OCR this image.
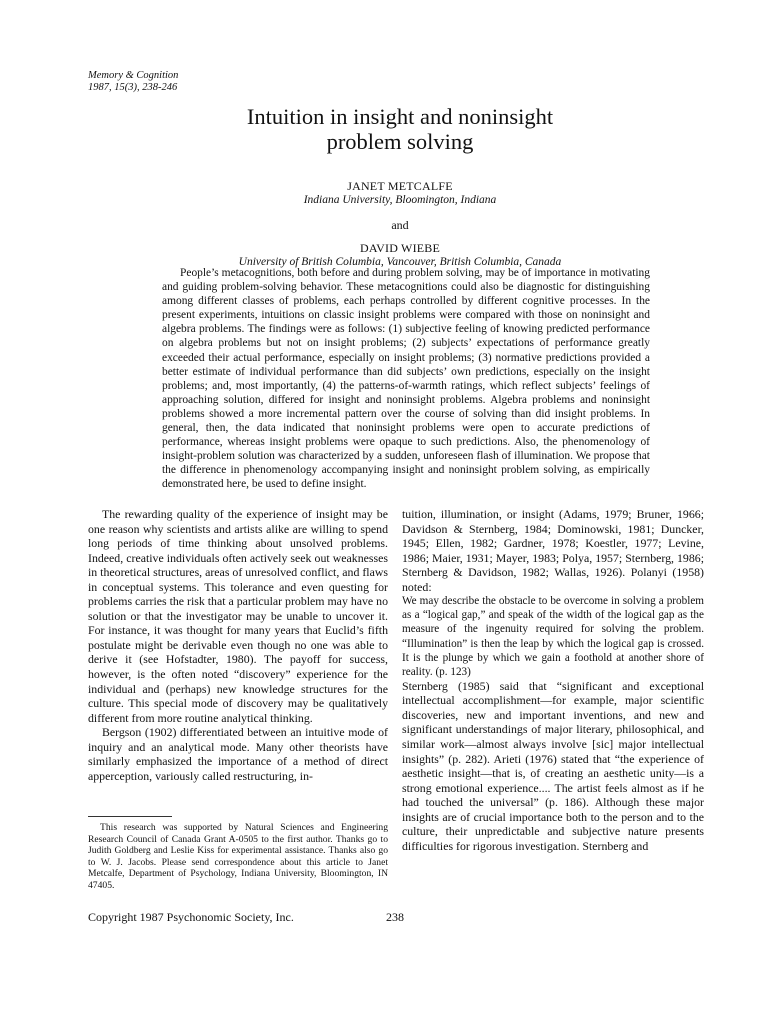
Memory & Cognition
1987, 15(3), 238-246
Intuition in insight and noninsight
problem solving
JANET METCALFE
Indiana University, Bloomington, Indiana
and
DAVID WIEBE
University of British Columbia, Vancouver, British Columbia, Canada

People’s metacognitions, both before and during problem solving, may be of importance in motivating and guiding problem-solving behavior. These metacognitions could also be diagnostic for distinguishing among different classes of problems, each perhaps controlled by different cognitive processes. In the present experiments, intuitions on classic insight problems were compared with those on noninsight and algebra problems. The findings were as follows: (1) subjective feeling of knowing predicted performance on algebra problems but not on insight problems; (2) subjects’ expectations of performance greatly exceeded their actual performance, especially on insight problems; (3) normative predictions provided a better estimate of individual performance than did subjects’ own predictions, especially on the insight problems; and, most importantly, (4) the patterns-of-warmth ratings, which reflect subjects’ feelings of approaching solution, differed for insight and noninsight problems. Algebra problems and noninsight problems showed a more incremental pattern over the course of solving than did insight problems. In general, then, the data indicated that noninsight problems were open to accurate predictions of performance, whereas insight problems were opaque to such predictions. Also, the phenomenology of insight-problem solution was characterized by a sudden, unforeseen flash of illumination. We propose that the difference in phenomenology accompanying insight and noninsight problem solving, as empirically demonstrated here, be used to define insight.

The rewarding quality of the experience of insight may be one reason why scientists and artists alike are willing to spend long periods of time thinking about unsolved problems. Indeed, creative individuals often actively seek out weaknesses in theoretical structures, areas of unresolved conflict, and flaws in conceptual systems. This tolerance and even questing for problems carries the risk that a particular problem may have no solution or that the investigator may be unable to uncover it. For instance, it was thought for many years that Euclid’s fifth postulate might be derivable even though no one was able to derive it (see Hofstadter, 1980). The payoff for success, however, is the often noted “discovery” experience for the individual and (perhaps) new knowledge structures for the culture. This special mode of discovery may be qualitatively different from more routine analytical thinking.

Bergson (1902) differentiated between an intuitive mode of inquiry and an analytical mode. Many other theorists have similarly emphasized the importance of a method of direct apperception, variously called restructuring, in-

tuition, illumination, or insight (Adams, 1979; Bruner, 1966; Davidson & Sternberg, 1984; Dominowski, 1981; Duncker, 1945; Ellen, 1982; Gardner, 1978; Koestler, 1977; Levine, 1986; Maier, 1931; Mayer, 1983; Polya, 1957; Sternberg, 1986; Sternberg & Davidson, 1982; Wallas, 1926). Polanyi (1958) noted:

We may describe the obstacle to be overcome in solving a problem as a “logical gap,” and speak of the width of the logical gap as the measure of the ingenuity required for solving the problem. “Illumination” is then the leap by which the logical gap is crossed. It is the plunge by which we gain a foothold at another shore of reality. (p. 123)

Sternberg (1985) said that “significant and exceptional intellectual accomplishment—for example, major scientific discoveries, new and important inventions, and new and significant understandings of major literary, philosophical, and similar work—almost always involve [sic] major intellectual insights” (p. 282). Arieti (1976) stated that “the experience of aesthetic insight—that is, of creating an aesthetic unity—is a strong emotional experience.... The artist feels almost as if he had touched the universal” (p. 186). Although these major insights are of crucial importance both to the person and to the culture, their unpredictable and subjective nature presents difficulties for rigorous investigation. Sternberg and

This research was supported by Natural Sciences and Engineering Research Council of Canada Grant A-0505 to the first author. Thanks go to Judith Goldberg and Leslie Kiss for experimental assistance. Thanks also go to W. J. Jacobs. Please send correspondence about this article to Janet Metcalfe, Department of Psychology, Indiana University, Bloomington, IN 47405.

Copyright 1987 Psychonomic Society, Inc.	238
